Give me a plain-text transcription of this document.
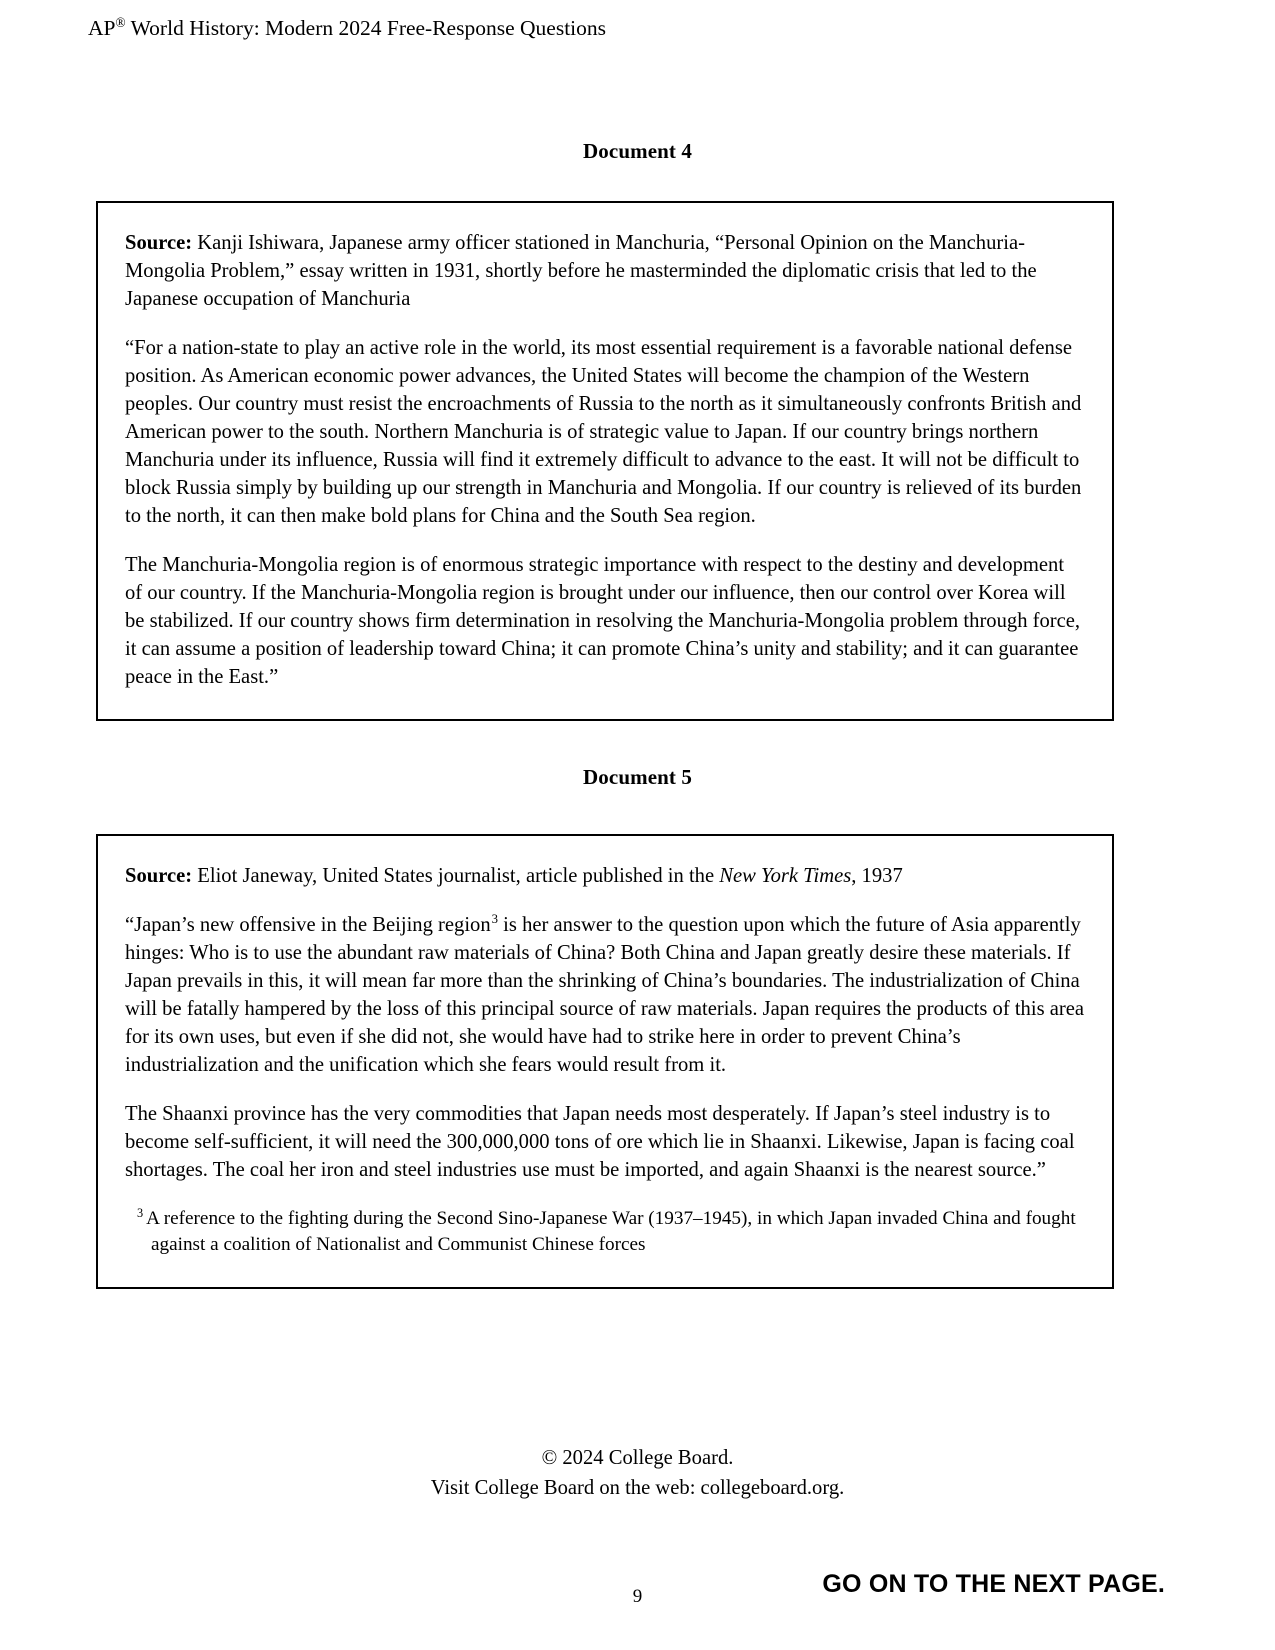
AP® World History: Modern 2024 Free-Response Questions
Document 4

Source: Kanji Ishiwara, Japanese army officer stationed in Manchuria, “Personal Opinion on the Manchuria-Mongolia Problem,” essay written in 1931, shortly before he masterminded the diplomatic crisis that led to the Japanese occupation of Manchuria

“For a nation-state to play an active role in the world, its most essential requirement is a favorable national defense position. As American economic power advances, the United States will become the champion of the Western peoples. Our country must resist the encroachments of Russia to the north as it simultaneously confronts British and American power to the south. Northern Manchuria is of strategic value to Japan. If our country brings northern Manchuria under its influence, Russia will find it extremely difficult to advance to the east. It will not be difficult to block Russia simply by building up our strength in Manchuria and Mongolia. If our country is relieved of its burden to the north, it can then make bold plans for China and the South Sea region.

The Manchuria-Mongolia region is of enormous strategic importance with respect to the destiny and development of our country. If the Manchuria-Mongolia region is brought under our influence, then our control over Korea will be stabilized. If our country shows firm determination in resolving the Manchuria-Mongolia problem through force, it can assume a position of leadership toward China; it can promote China’s unity and stability; and it can guarantee peace in the East.”

Document 5

Source: Eliot Janeway, United States journalist, article published in the New York Times, 1937

“Japan’s new offensive in the Beijing region$^3$ is her answer to the question upon which the future of Asia apparently hinges: Who is to use the abundant raw materials of China? Both China and Japan greatly desire these materials. If Japan prevails in this, it will mean far more than the shrinking of China’s boundaries. The industrialization of China will be fatally hampered by the loss of this principal source of raw materials. Japan requires the products of this area for its own uses, but even if she did not, she would have had to strike here in order to prevent China’s industrialization and the unification which she fears would result from it.

The Shaanxi province has the very commodities that Japan needs most desperately. If Japan’s steel industry is to become self-sufficient, it will need the 300,000,000 tons of ore which lie in Shaanxi. Likewise, Japan is facing coal shortages. The coal her iron and steel industries use must be imported, and again Shaanxi is the nearest source.”

$^3$ A reference to the fighting during the Second Sino-Japanese War (1937–1945), in which Japan invaded China and fought against a coalition of Nationalist and Communist Chinese forces

© 2024 College Board.
Visit College Board on the web: collegeboard.org.
9	GO ON TO THE NEXT PAGE.
